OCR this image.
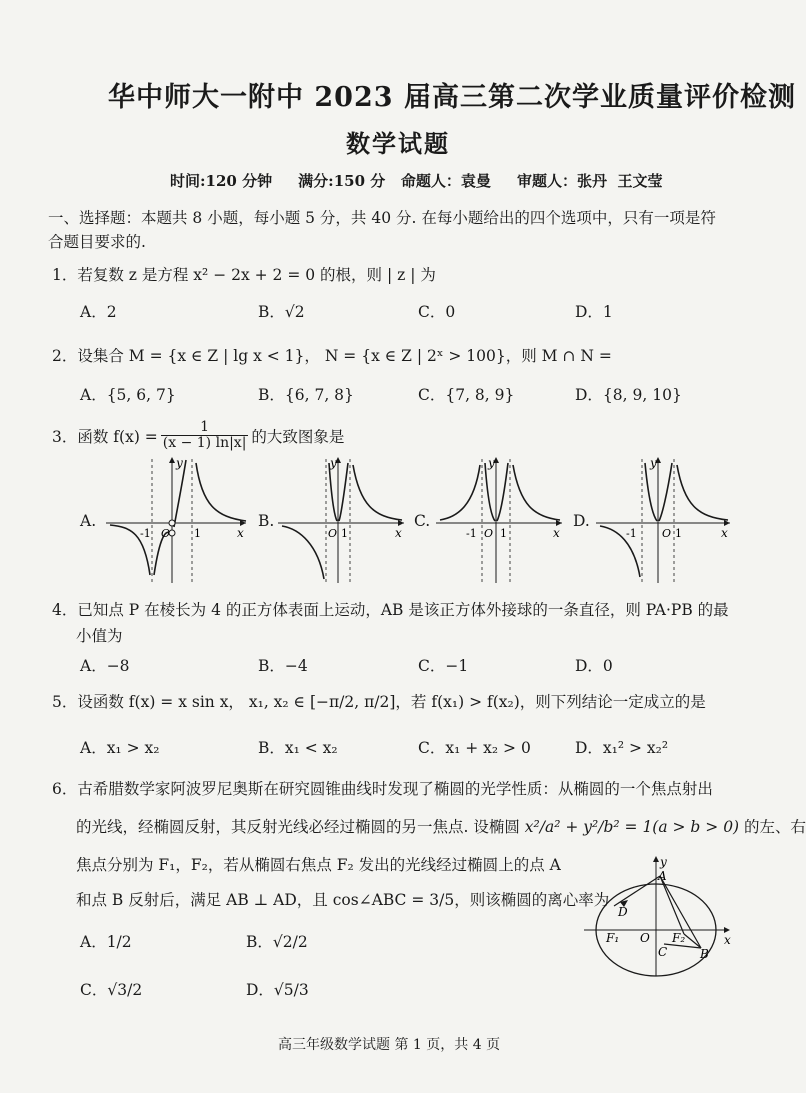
华中师大一附中 2023 届高三第二次学业质量评价检测
数学试题
时间:120 分钟     满分:150 分   命题人：袁曼     审题人：张丹  王文莹
一、选择题：本题共 8 小题，每小题 5 分，共 40 分. 在每小题给出的四个选项中，只有一项是符
合题目要求的.
1．若复数 z 是方程 x² − 2x + 2 = 0 的根，则 | z | 为
A．2	B．√2	C．0	D．1
2．设集合 M = {x ∈ Z | lg x < 1}， N = {x ∈ Z | 2ˣ > 100}，则 M ∩ N =
A．{5, 6, 7}	B．{6, 7, 8}	C．{7, 8, 9}	D．{8, 9, 10}
3．函数 $f(x) = \frac{1}{(x - 1) \ln|x|}$ 的大致图象是
A.	B.	C.	D.
y
x
O 1
-1
y
x
O 1
y
x
O 1
-1
y
x
O 1
-1
4．已知点 P 在棱长为 4 的正方体表面上运动，AB 是该正方体外接球的一条直径，则 PA·PB 的最
小值为
A．−8	B．−4	C．−1	D．0
5．设函数 f(x) = x sin x， x₁, x₂ ∈ [−π/2, π/2]，若 f(x₁) > f(x₂)，则下列结论一定成立的是
A．x₁ > x₂	B．x₁ < x₂	C．x₁ + x₂ > 0	D．x₁² > x₂²
6．古希腊数学家阿波罗尼奥斯在研究圆锥曲线时发现了椭圆的光学性质：从椭圆的一个焦点射出
的光线，经椭圆反射，其反射光线必经过椭圆的另一焦点. 设椭圆 x²/a² + y²/b² = 1(a > b > 0) 的左、右
焦点分别为 F₁，F₂，若从椭圆右焦点 F₂ 发出的光线经过椭圆上的点 A
和点 B 反射后，满足 AB ⊥ AD，且 cos∠ABC = 3/5，则该椭圆的离心率为
A．1/2	B．√2/2
C．√3/2	D．√5/3
y
x
A
B
C
D
F₁	F₂
O
高三年级数学试题 第 1 页，共 4 页
